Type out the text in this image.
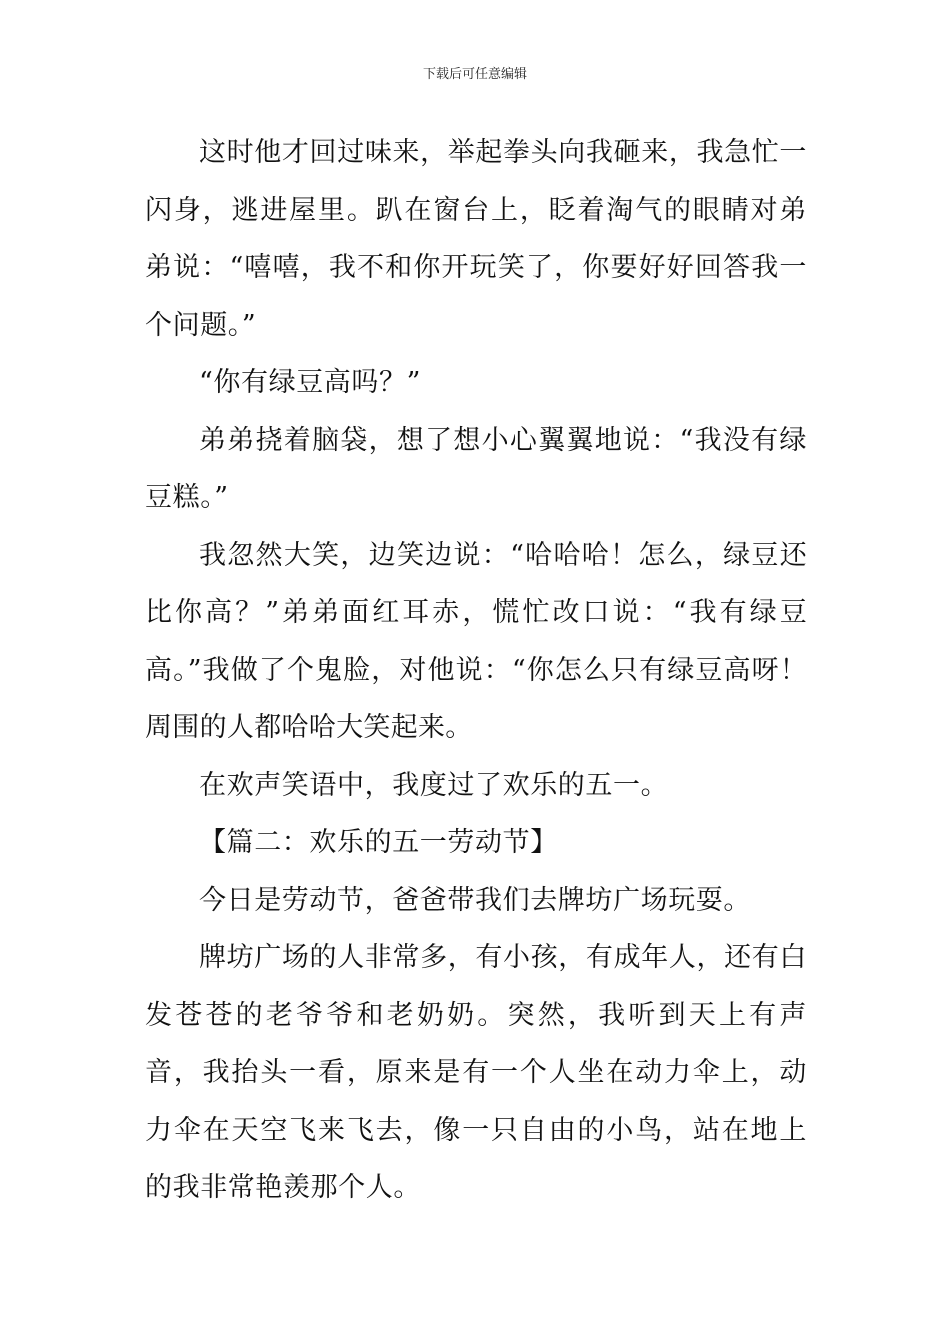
下载后可任意编辑

这时他才回过味来，举起拳头向我砸来，我急忙一闪身，逃进屋里。趴在窗台上，眨着淘气的眼睛对弟弟说：“嘻嘻，我不和你开玩笑了，你要好好回答我一个问题。”

“你有绿豆高吗？”

弟弟挠着脑袋，想了想小心翼翼地说：“我没有绿豆糕。”

我忽然大笑，边笑边说：“哈哈哈！怎么，绿豆还比你高？”弟弟面红耳赤，慌忙改口说：“我有绿豆高。”我做了个鬼脸，对他说：“你怎么只有绿豆高呀！周围的人都哈哈大笑起来。

在欢声笑语中，我度过了欢乐的五一。

【篇二：欢乐的五一劳动节】

今日是劳动节，爸爸带我们去牌坊广场玩耍。

牌坊广场的人非常多，有小孩，有成年人，还有白发苍苍的老爷爷和老奶奶。突然，我听到天上有声音，我抬头一看，原来是有一个人坐在动力伞上，动力伞在天空飞来飞去，像一只自由的小鸟，站在地上的我非常艳羡那个人。
